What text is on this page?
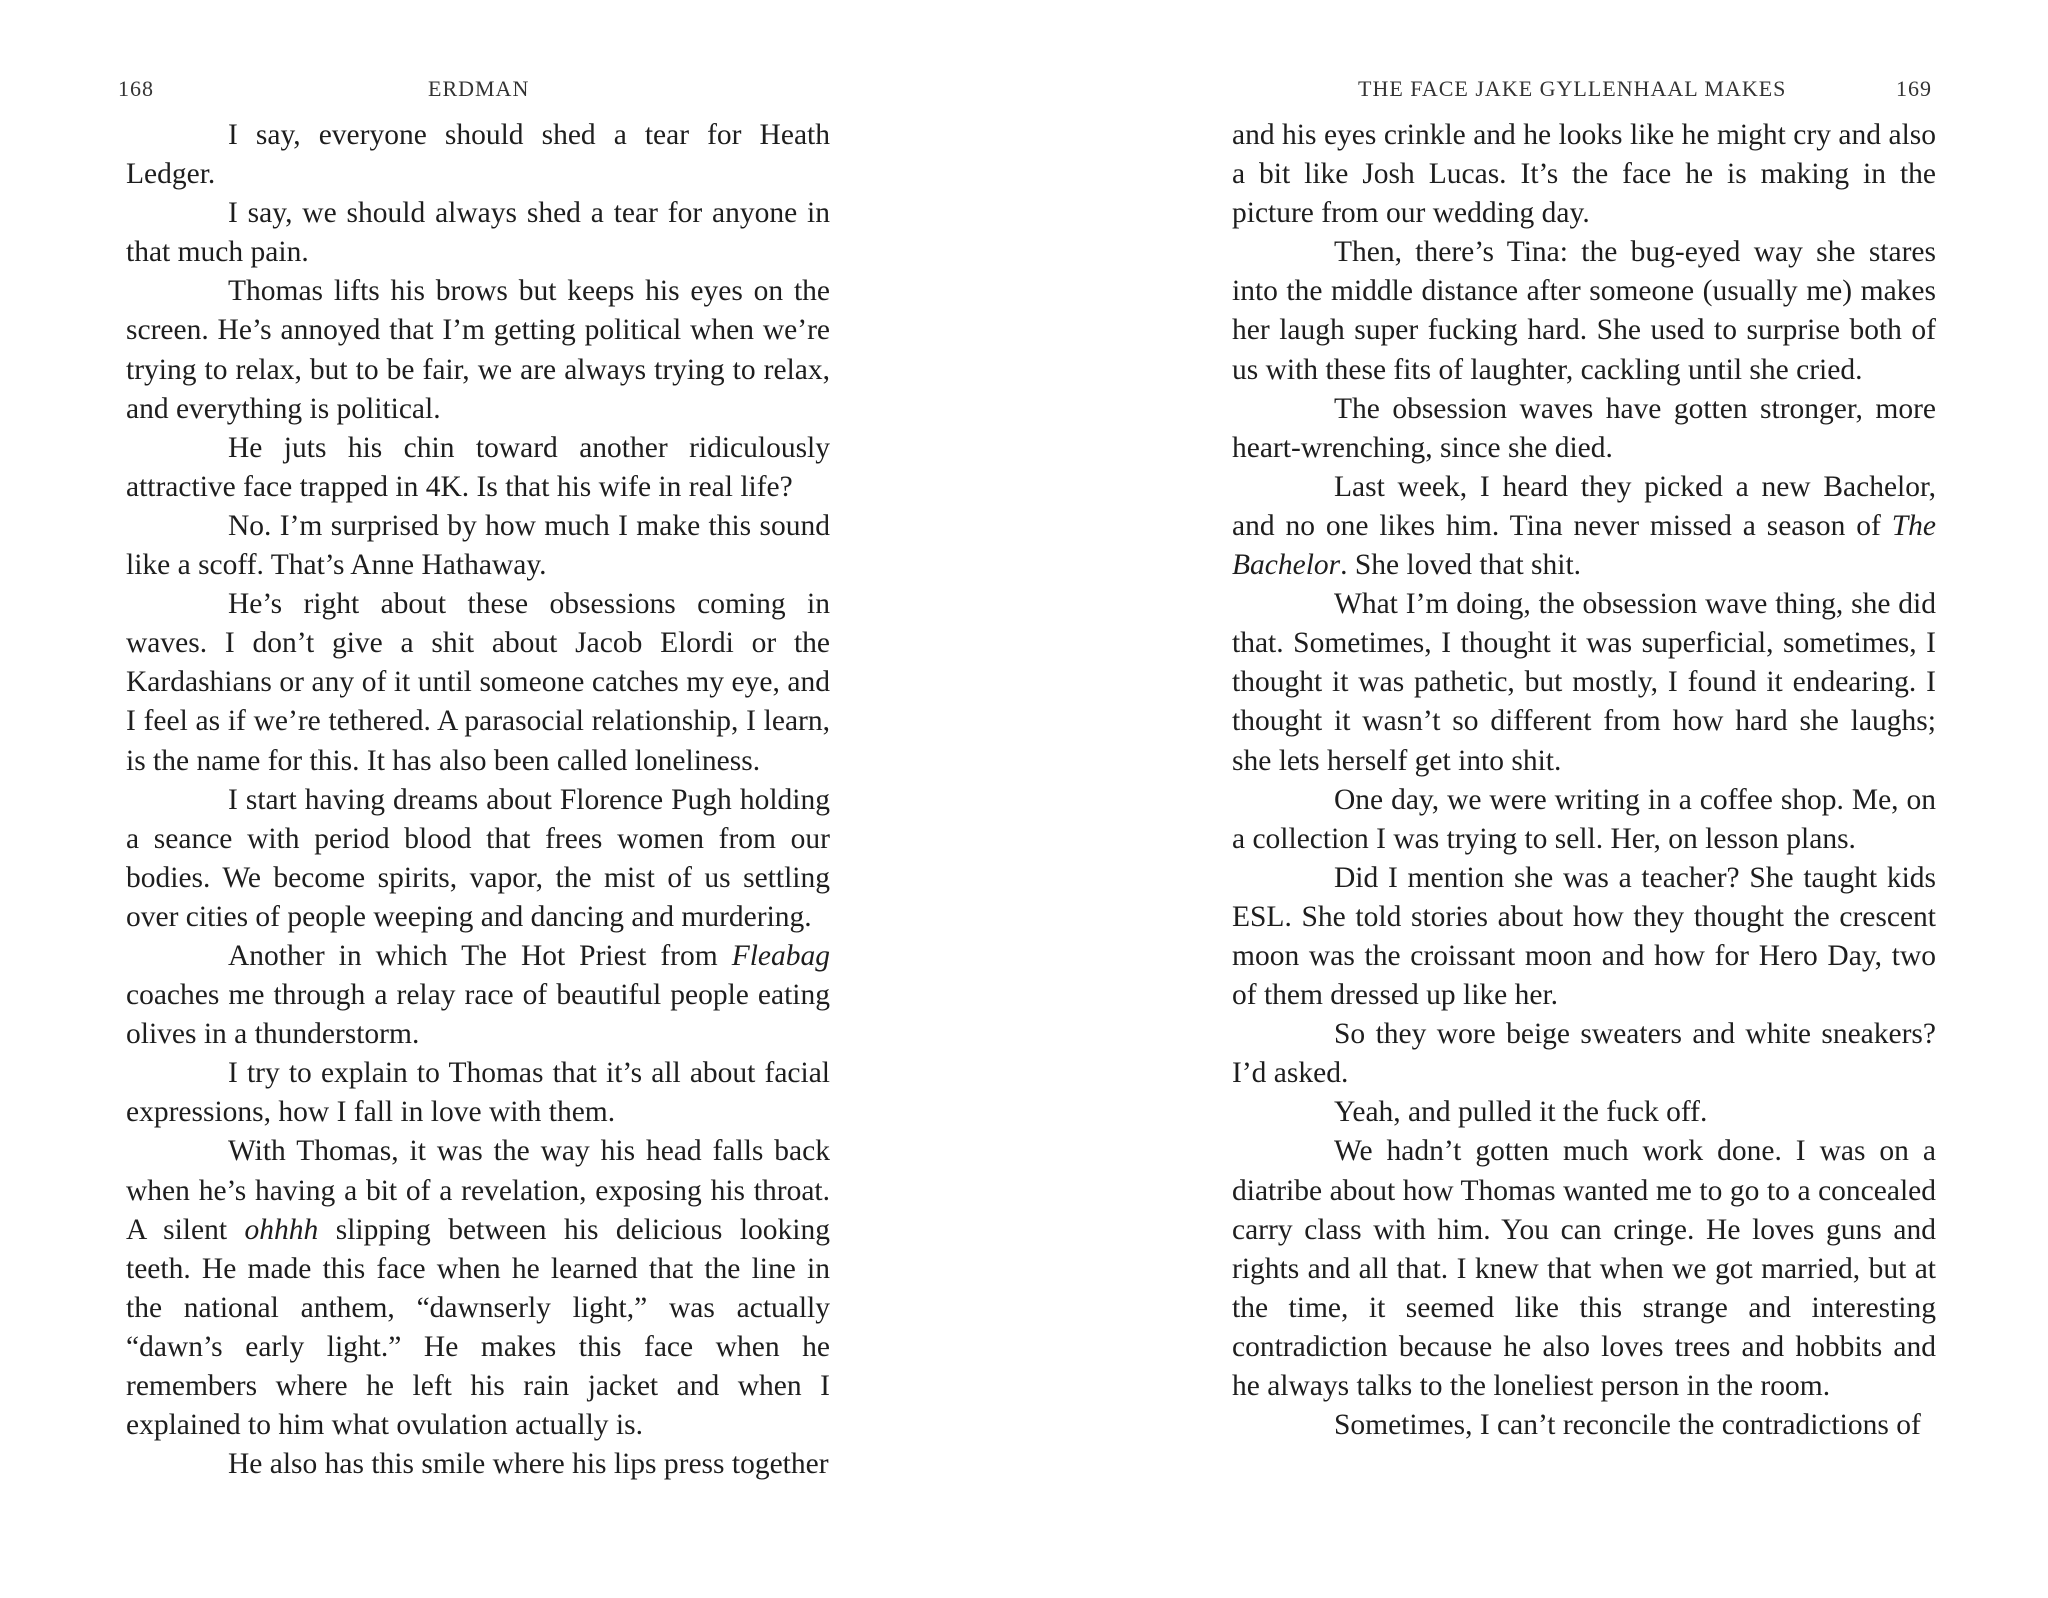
168	ERDMAN

I say, everyone should shed a tear for Heath Ledger.

I say, we should always shed a tear for anyone in that much pain.

Thomas lifts his brows but keeps his eyes on the screen. He’s annoyed that I’m getting political when we’re trying to relax, but to be fair, we are always trying to relax, and everything is political.

He juts his chin toward another ridiculously attractive face trapped in 4K. Is that his wife in real life?

No. I’m surprised by how much I make this sound like a scoff. That’s Anne Hathaway.

He’s right about these obsessions coming in waves. I don’t give a shit about Jacob Elordi or the Kardashians or any of it until someone catches my eye, and I feel as if we’re tethered. A parasocial relationship, I learn, is the name for this. It has also been called loneliness.

I start having dreams about Florence Pugh holding a seance with period blood that frees women from our bodies. We become spirits, vapor, the mist of us settling over cities of people weeping and dancing and murdering.

Another in which The Hot Priest from Fleabag coaches me through a relay race of beautiful people eating olives in a thunderstorm.

I try to explain to Thomas that it’s all about facial expressions, how I fall in love with them.

With Thomas, it was the way his head falls back when he’s having a bit of a revelation, exposing his throat. A silent ohhhh slipping between his delicious looking teeth. He made this face when he learned that the line in the national anthem, “dawnserly light,” was actually “dawn’s early light.” He makes this face when he remembers where he left his rain jacket and when I explained to him what ovulation actually is.

He also has this smile where his lips press together

THE FACE JAKE GYLLENHAAL MAKES	169

and his eyes crinkle and he looks like he might cry and also a bit like Josh Lucas. It’s the face he is making in the picture from our wedding day.

Then, there’s Tina: the bug-eyed way she stares into the middle distance after someone (usually me) makes her laugh super fucking hard. She used to surprise both of us with these fits of laughter, cackling until she cried.

The obsession waves have gotten stronger, more heart-wrenching, since she died.

Last week, I heard they picked a new Bachelor, and no one likes him. Tina never missed a season of The Bachelor. She loved that shit.

What I’m doing, the obsession wave thing, she did that. Sometimes, I thought it was superficial, sometimes, I thought it was pathetic, but mostly, I found it endearing. I thought it wasn’t so different from how hard she laughs; she lets herself get into shit.

One day, we were writing in a coffee shop. Me, on a collection I was trying to sell. Her, on lesson plans.

Did I mention she was a teacher? She taught kids ESL. She told stories about how they thought the crescent moon was the croissant moon and how for Hero Day, two of them dressed up like her.

So they wore beige sweaters and white sneakers? I’d asked.

Yeah, and pulled it the fuck off.

We hadn’t gotten much work done. I was on a diatribe about how Thomas wanted me to go to a concealed carry class with him. You can cringe. He loves guns and rights and all that. I knew that when we got married, but at the time, it seemed like this strange and interesting contradiction because he also loves trees and hobbits and he always talks to the loneliest person in the room.

Sometimes, I can’t reconcile the contradictions of
